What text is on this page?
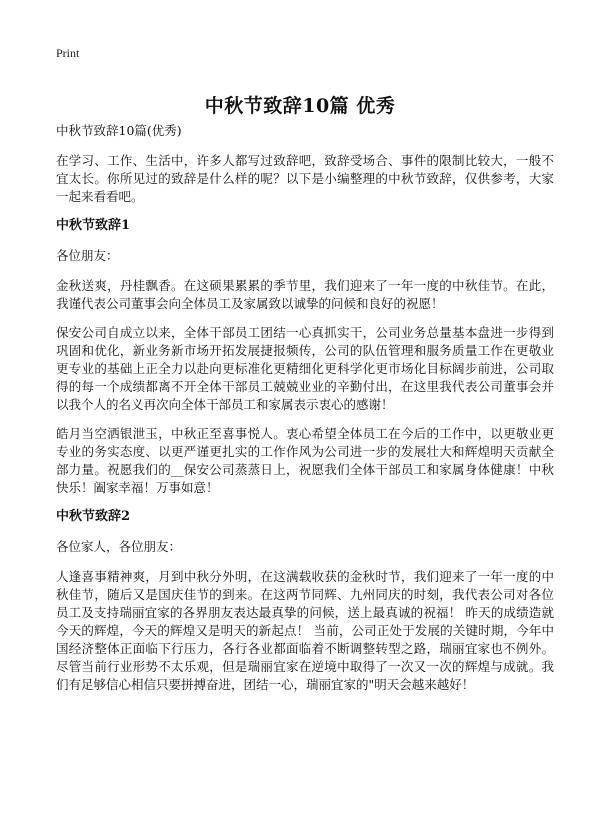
Print
中秋节致辞10篇 优秀
中秋节致辞10篇(优秀)

在学习、工作、生活中，许多人都写过致辞吧，致辞受场合、事件的限制比较大，一般不宜太长。你所见过的致辞是什么样的呢？以下是小编整理的中秋节致辞，仅供参考，大家一起来看看吧。

中秋节致辞1
各位朋友：

金秋送爽，丹桂飘香。在这硕果累累的季节里，我们迎来了一年一度的中秋佳节。在此，我谨代表公司董事会向全体员工及家属致以诚挚的问候和良好的祝愿！

保安公司自成立以来，全体干部员工团结一心真抓实干，公司业务总量基本盘进一步得到巩固和优化，新业务新市场开拓发展捷报频传，公司的队伍管理和服务质量工作在更敬业更专业的基础上正全力以赴向更标准化更精细化更科学化更市场化目标阔步前进，公司取得的每一个成绩都离不开全体干部员工兢兢业业的辛勤付出，在这里我代表公司董事会并以我个人的名义再次向全体干部员工和家属表示衷心的感谢！

皓月当空洒银泄玉，中秋正至喜事悦人。衷心希望全体员工在今后的工作中，以更敬业更专业的务实态度、以更严谨更扎实的工作作风为公司进一步的发展壮大和辉煌明天贡献全部力量。祝愿我们的__保安公司蒸蒸日上，祝愿我们全体干部员工和家属身体健康！中秋快乐！阖家幸福！万事如意！

中秋节致辞2
各位家人，各位朋友：

人逢喜事精神爽，月到中秋分外明，在这满载收获的金秋时节，我们迎来了一年一度的中秋佳节，随后又是国庆佳节的到来。在这两节同辉、九州同庆的时刻，我代表公司对各位员工及支持瑞丽宜家的各界朋友表达最真挚的问候，送上最真诚的祝福！ 昨天的成绩造就今天的辉煌，今天的辉煌又是明天的新起点！ 当前，公司正处于发展的关键时期，今年中国经济整体正面临下行压力，各行各业都面临着不断调整转型之路，瑞丽宜家也不例外。尽管当前行业形势不太乐观，但是瑞丽宜家在逆境中取得了一次又一次的辉煌与成就。我们有足够信心相信只要拼搏奋进，团结一心，瑞丽宜家的"明天会越来越好！
